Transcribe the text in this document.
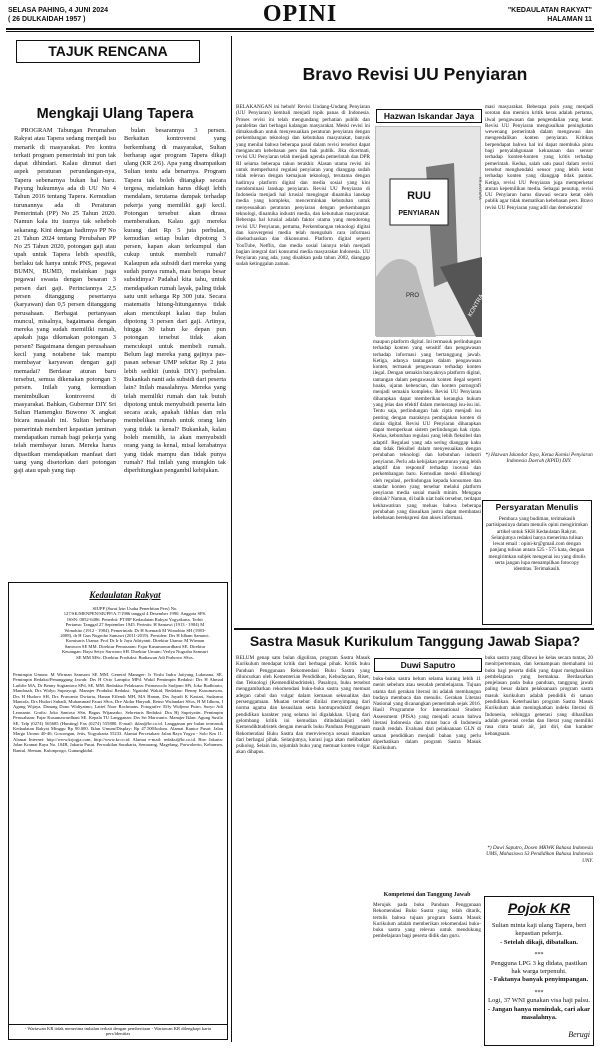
SELASA PAHING, 4 JUNI 2024
( 26 DULKAIDAH 1957 )	OPINI	"KEDAULATAN RAKYAT"
HALAMAN 11
TAJUK RENCANA
Mengkaji Ulang Tapera
PROGRAM Tabungan Perumahan Rakyat atau Tapera sedang menjadi isu menarik di masyarakat. Pro kontra terkait program pemerintah ini pun tak dapat dihindari. Kalau dirunut dari aspek peraturan perundangan-nya, Tapera sebenarnya bukan hal baru. Payung hukumnya ada di UU No 4 Tahun 2016 tentang Tapera. Kemudian turunannya ada di Peraturan Pemerintah (PP) No 25 Tahun 2020. Namun kala itu isunya tak sehebob sekarang. Kini dengan hadirnya PP No 21 Tahun 2024 tentang Perubahan PP No 25 Tahun 2020, potongan gaji atau upah untuk Tapera lebih spesifik, berlaku tak hanya untuk PNS, pegawai BUMN, BUMD, melainkan juga pegawai swasta dengan besaran 3 persen dari gaji. Perinciannya 2,5 persen ditanggung pesertanya (karyawan) dan 0,5 persen ditanggung perusahaan. Berbagai pertanyaan muncul, misalnya, bagaimana dengan mereka yang sudah memiliki rumah, apakah juga dikenakan potongan 3 persen? Bagaimana dengan perusahaan kecil yang notabene tak mampu membayar karyawan dengan gaji memadai? Berdasar aturan baru tersebut, semua dikenakan potongan 3 persen. Inilah yang kemudian menimbulkan kontroversi di masyarakat. Bahkan, Gubernur DIY Sri Sultan Hamengku Buwono X angkat bicara masalah ini. Sultan berharap pemerintah memberi kepastian jaminan mendapatkan rumah bagi pekerja yang telah membayar iuran. Mereka harus dipastikan mendapatkan manfaat dari uang yang disetorkan dari potongan gaji atau upah yang tiap
bulan besarannya 3 persen. Berkaitan kontroversi yang berkembang di masyarakat, Sultan berharap agar program Tapera dikaji ulang (KR 2/6). Apa yang disampaikan Sultan tentu ada benarnya. Program Tapera tak boleh ditangkap secara tergesa, melainkan harus dikaji lebih mendalam, terutama dampak terhadap pekerja yang memiliki gaji kecil. Potongan tersebut akan dirasa memberatkan. Kalau gaji mereka kurang dari Rp 5 juta perbulan, kemudian setiap bulan dipotong 3 persen, kapan akan terkumpul dan cukup untuk membeli rumah? Kalaupun ada subsidi dari mereka yang sudah punya rumah, mau berapa besar subsidinya? Padahal kita tahu, untuk mendapatkan rumah layak, paling tidak satu unit seharga Rp 300 juta. Secara matematis hitung-hitungannya tidak akan mencukupi kalau tiap bulan dipotong 3 persen dari gaji. Artinya, hingga 30 tahun ke depan pun potongan tersebut tidak akan mencukupi untuk membeli rumah. Belum lagi mereka yang gajinya pas-pasan sebesar UMP sekitar Rp 2 juta lebih sedikit (untuk DIY) perbulan. Bukankah nanti ada subsidi dari peserta lain? Inilah masalahnya. Mereka yang telah memiliki rumah dan tak butuh dipotong untuk menyubsidi peserta lain secara acak, apakah ikhlas dan rela membelikan rumah untuk orang lain yang tidak ia kenal? Bukankah, kalau boleh memilih, ia akan menyubsidi orang yang ia kenal, misal kerabatnya yang tidak mampu dan tidak punya rumah? Hal inilah yang mungkin tak diperhitungkan pengambil kebijakan.
Kedaulatan Rakyat
SIUPP (Surat Izin Usaha Penerbitan Pers) No. 127/SK/MENPEN/SIUPP/A.7/1986 tanggal 4 Desember 1990. Anggota SPS. ISSN: 0852-6486. Penerbit: PT/BP Kedaulatan Rakyat Yogyakarta. Terbit Pertama: Tanggal 27 September 1945. Perintis: H Samawi (1913 - 1984) M Wonohito (1912 - 1984). Pemerintah: Dr H Soemadi M Wonohito SH (1983-2008), dr H Gun Nugroho Samawi (2011-2019). Presiden: Drs H Idham Samawi. Komisaris Utama: Prof Dr Ir Ir Jaya Adriyanti. Direktur Utama: M Wirman Samwon SE MM. Direktur Pemasaran: Fajar Kusumawardhani SE. Direktur Keuangan: Bayu Setyo Sarwono SH. Direktur Umum: Verlya Nugraha Samsuri SE MM MSc. Direktur Produksi: Budiawan Adi Prabowo SSos.
Pemimpin Umum: M Wirman Samsoni SE MM. General Manager: Ir Yoshi Indra Jatiyang Lukmana, SE. Pemimpin Redaksi/Penanggung Jawab: Drs H Octo Lampito MPd. Wakil Pemimpin Redaksi: Drs H Ahmad Luthfie MA, Dr Benny Sugiantoro SPd, SE, MM. Redaktur Pelaksana: Primaswolo Sudjono SPt, Joko Budhiarto, Mandasah, Drs Widyo Suprayogi. Manajer Produksi Redaksi: Ngatidul Wakid. Redaktur: Benny Kusumawan, Drs H Hudoro SH, Drs Pruwanto Dwiarta, Hanan Effendi MH, MA Hanan, Drs Jayadi K Kastari, Sudarmo Mantofa, Drs Hudori Subadi, Muhammad Fauzi SSos, Dre Akdar Haryadi, Retno Wulandari SSos, H M Idhom, I Agung Wijaya, Danang Dono Widiyatmo, Latief Noor Rochmans. Fotografer: Effy Widjono Putro, Suryo Adi Leonanto. Grafis: Joko Santoso SSn, Bagus Wijanarko. Sekretaris Redaksi: Dra Hj Supriyatin. Pemimpin Perusahaan: Fajar Kusumawardhani SE. Kepala TU Langganan: Drs Sri Marwanto. Manajer Iklan: Agung Susilo SE, Telp (0274) 565685 (Hunting) Fax (0274) 555880. E-mail: iklan@kr.co.id. Langganan per bulan termasuk Kedaulatan Rakyat Minggu Rp 90.000. Iklan Umum/Display: Rp 47.500/kolom. Alamat Kantor Pusat: Jalan Margo Utomo 40-46, Gowongan, Jetis, Yogyakarta 55233. Alamat Percetakan: Jalan Raya Yogya - Solo Km 11. Alamat Internet: http://www.krjogja.com, http://www.kr.co.id. Alamat e-mail: redaksi@kr.co.id. Biro Jakarta: Jalan Kramat Raya No. 104B, Jakarta Pusat. Perwakilan Surakarta, Semarang, Magelang, Purwokerto, Kebumen, Bantul, Sleman, Kulonprogo, Gunungkidul.
- Wartawan KR tidak menerima imbalan terkait dengan pemberitaan - Wartawan KR dilengkapi kartu pers/identitas
Bravo Revisi UU Penyiaran
BELAKANGAN ini heboh! Revisi Undang-Undang Penyiaran (UU Penyiaran) kembali menjadi topik panas di Indonesia. Proses revisi ini telah mengundang perhatian publik dan paralelitas dari berbagai kalangan masyarakat. Meski revisi ini dimaksudkan untuk menyesuaikan peraturan penyiaran dengan perkembangan teknologi dan kebutuhan masyarakat, banyak yang menilai bahwa beberapa pasal dalam revisi tersebut dapat mengancam kebebasan pers dan hak publik. Jika dicermati, revisi UU Penyiaran telah menjadi agenda pemerintah dan DPR RI selama beberapa tahun terakhir. Alasan utama revisi ini untuk memperbarui regulasi penyiaran yang dianggap sudah tidak relevan dengan kemajuan teknologi, terutama dengan hadirnya platform digital dan media sosial yang kini mendominasi lanskap penyiaran. Revisi UU Penyiaran di Indonesia menjadi hal krusial mengingat dinamika lanskap media yang kompleks, mencerminkan kebutuhan untuk menyesuaikan peraturan penyiaran dengan perkembangan teknologi, dinamika industri media, dan kebutuhan masyarakat. Beberapa hal krusial adalah faktor utama yang mendorong revisi UU Penyiaran, pertama, Perkembangan teknologi digital dan konvergensi media telah mengubah cara informasi disebarluaskan dan dikonsumsi. Platform digital seperti YouTube, Netflix, dan media sosial lainnya telah menjadi bagian integral dari konsumsi media masyarakat Indonesia. UU Penyiaran yang ada, yang disahkan pada tahun 2002, dianggap sudah ketinggalan zaman.
Hazwan Iskandar Jaya
RUU
PENYIARAN
KONTRA
PRO
KR-ANTARA
maupun platform digital. Ini termasuk perlindungan terhadap konten yang sensitif dan pengawasan terhadap informasi yang bertanggung jawab. Ketiga, adanya tantangan dalam pengawasan konten, termasuk pengawasan terhadap konten ilegal. Dengan semakin banyaknya platform digital, tantangan dalam pengawasan konten ilegal seperti hoaks, ujaran kebencian, dan konten pornografi menjadi semakin kompleks. Revisi UU Penyiaran diharapkan dapat memberikan kerangka hukum yang jelas dan efektif dalam memerangi isu-isu ini. Tentu saja, perlindungan hak cipta menjadi isu penting dengan maraknya pembajakan konten di dunia digital. Revisi UU Penyiaran diharapkan dapat memperkuat sistem perlindungan hak cipta. Kedua, kebutuhan regulasi yang lebih fleksibel dan adaptif. Regulasi yang ada sering dianggap kaku dan tidak fleksibel dalam menyesuaikan dengan perubahan teknologi dan kebutuhan industri penyiaran. Perlu ada kebijakan peraturan yang lebih adaptif dan responsif terhadap inovasi dan perkembangan baru. Kemudian meski dilindungi oleh regulasi, perlindungan kepada konsumen dan standar konten yang tersebar melalui platform penyiaran media sosial masih minim. Mengapa ditolak? Namun, di balik niat baik tersebut, terdapat kekhawatiran yang meluas bahwa beberapa perubahan yang diusulkan justru dapat membatasi kebebasan berekspresi dan akses informasi.
masi masyarakat. Beberapa poin yang menjadi sorotan dan memicu kritik keras adalah pertama, ilwal pengawasan dan pengendalian yang ketat. Revisi UU Penyiaran mengusulkan peningkatan wewenang pemerintah dalam mengawasi dan mengendalikan konten penyiaran. Kritikus berpendapat bahwa hal ini dapat membuka pintu bagi penyalahgunaan kekuasaan dan sensor terhadap konten-konten yang kritis terhadap pemerintah. Kedua, salah satu pasal dalam revisi tersebut menghendaki sensor yang lebih ketat terhadap konten yang dianggap tidak pantas. Ketiga, revisi UU Penyiaran juga memperketat aturan kepemilikan media. Sebagai penutup, revisi UU Penyiaran harus diawasi secara ketat oleh publik agar tidak mematikan kebebasan pers. Bravo revisi UU Penyiaran yang adil dan demokratis!
*) Hazwan Iskandar Jaya, Ketua Komisi Penyiaran Indonesia Daerah (KPID) DIY.
Persyaratan Menulis
Pembaca yang budiman, terimakasih partisipasinya dalam menulis opini mengirimkan artikel untuk SKH Kedaulatan Rakyat. Selanjutnya redaksi hanya menerima tulisan lewat email : opini-kr@gmail.com dengan panjang tulisan antara 525 - 575 kata, dengan mengirimkan subjek mengenai isu yang ditulis serta jangan lupa menampilkan fotocopy identitas. Terimakasih.
Sastra Masuk Kurikulum Tanggung Jawab Siapa?
BELUM genap satu bulan diguliran, program Sastra Masuk Kurikulum mendapat kritik dari berbagai pihak. Kritik buku Panduan Penggunaan Rekomendasi Buku Sastra yang diluncurkan oleh Kementerian Pendidikan, Kebudayaan, Riset, dan Teknologi (Kemendikbudristek). Pasalnya, buku tersebut menggambarkan rekomendasi buku-buku sastra yang memuat adegan cabul dan vulgar dalam kemasan seksualitas dan persenggamaan. Muatan tersebut dinilai menyimpang dari norma agama dan kesusilaan serta kontraproduktif dengan pendidikan karakter yang selama ini digalakkan. Ujung dari gelombang kritik ini kemudian ditindaklanjuti oleh Kemendikbudristek dengan menarik buku Panduan Penggunaan Rekomendasi Buku Sastra dan mereviewnya sesuai masukan dari berbagai pihak. Selanjutnya, kurasi juga akan melibatkan psikolog. Selain itu, sejumlah buku yang memuat konten vulgar akan dihapus.
Duwi Saputro
buku-buku sastra belum selama kurang lebih 11 menit sebelum atau sesudah pembelajaran. Tujuan utama dari gerakan literasi ini adalah membangun budaya membaca dan menulis. Gerakan Literasi Nasional yang dicanangkan pemerintah sejak 2016. Hasil Programme for International Student Assessment (PISA) yang menjadi acuan bahwa literasi Indonesia dan minat baca di Indonesia masih rendah. Evaluasi dari pelaksanaan GLN di satuan pendidikan menjadi bahan yang perlu diperhatikan dalam program Sastra Masuk Kurikulum.
Kompetensi dan Tanggung Jawab
Merujuk pada buku Panduan Penggunaan Rekomendasi Buku Sastra yang telah ditarik, tertulis bahwa tujuan program Sastra Masuk Kurikulum adalah memberikan rekomendasi buku-buku sastra yang relevan untuk mendukung pembelajaran bagi peserta didik dan guru.
buku sastra yang dibawa ke kelas secara tuntas, 20 menit/pertemuan, dan kemampuan memahami isi buku bagi peserta didik yang dapat menghasilkan pembelajaran yang bermakna. Berdasarkan penjelasan pada buku panduan, tanggung jawab paling besar dalam pelaksanaan program sastra masuk kurikulum adalah pendidik di satuan pendidikan. Keterhasilan program Sastra Masuk Kurikulum akan meningkatkan indeks literasi di Indonesia, sehingga generasi yang dihasilkan adalah generasi cerdas dan literat yang memiliki rasa cinta tanah air, jati diri, dan karakter kebangsaan.
*) Duwi Saputro, Dosen MKWK Bahasa Indonesia UMS, Mahasiswa S3 Pendidikan Bahasa Indonesia UNY.
Pojok KR

Sultan minta kaji ulang Tapera, beri kepastian pekerja.
- Setelah dikaji, dibatalkan.

***

Pengguna LPG 3 kg didata, pastikan hak warga terpenuhi.
- Faktanya banyak penyimpangan.

***

Logi, 37 WNI gunakan visa haji palsu.
- Jangan hanya menindak, cari akar masalahnya.

Berugi
